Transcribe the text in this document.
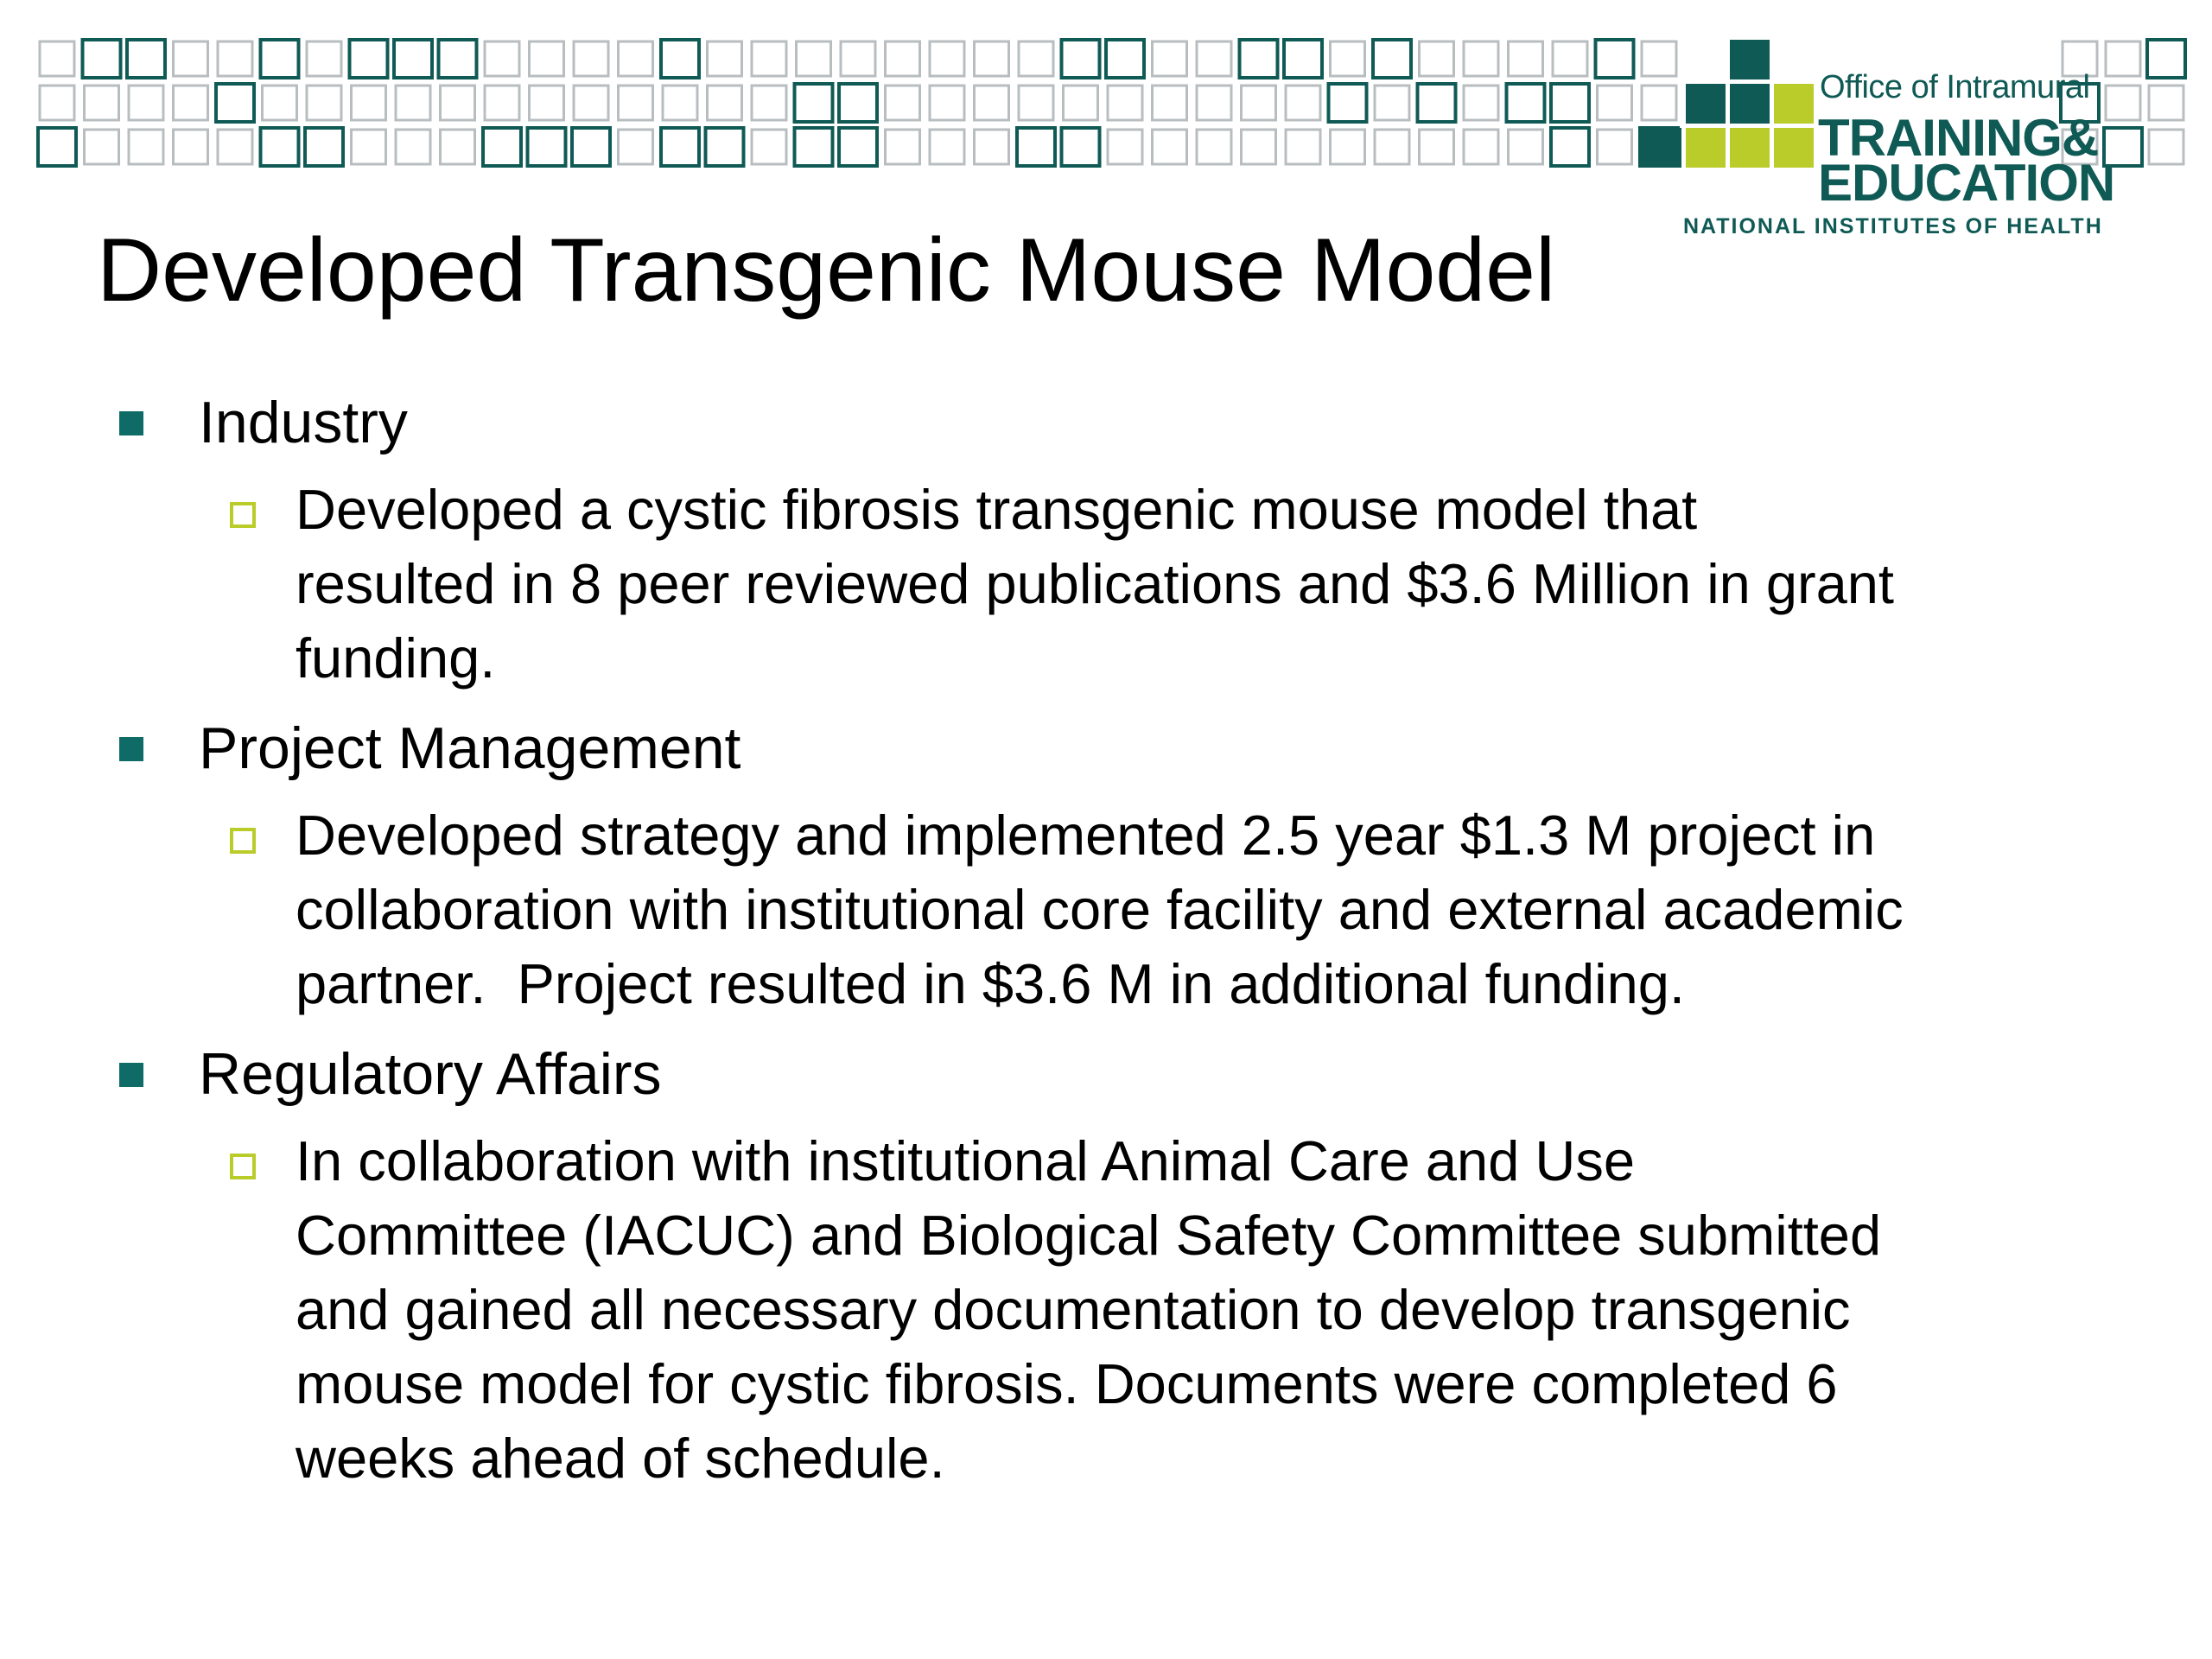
Office of Intramural
TRAINING&
EDUCATION
NATIONAL INSTITUTES OF HEALTH
Developed Transgenic Mouse Model
Industry

Developed a cystic fibrosis transgenic mouse model that
resulted in 8 peer reviewed publications and $3.6 Million in grant
funding.

Project Management

Developed strategy and implemented 2.5 year $1.3 M project in
collaboration with institutional core facility and external academic
partner.  Project resulted in $3.6 M in additional funding.

Regulatory Affairs

In collaboration with institutional Animal Care and Use
Committee (IACUC) and Biological Safety Committee submitted
and gained all necessary documentation to develop transgenic
mouse model for cystic fibrosis. Documents were completed 6
weeks ahead of schedule.
